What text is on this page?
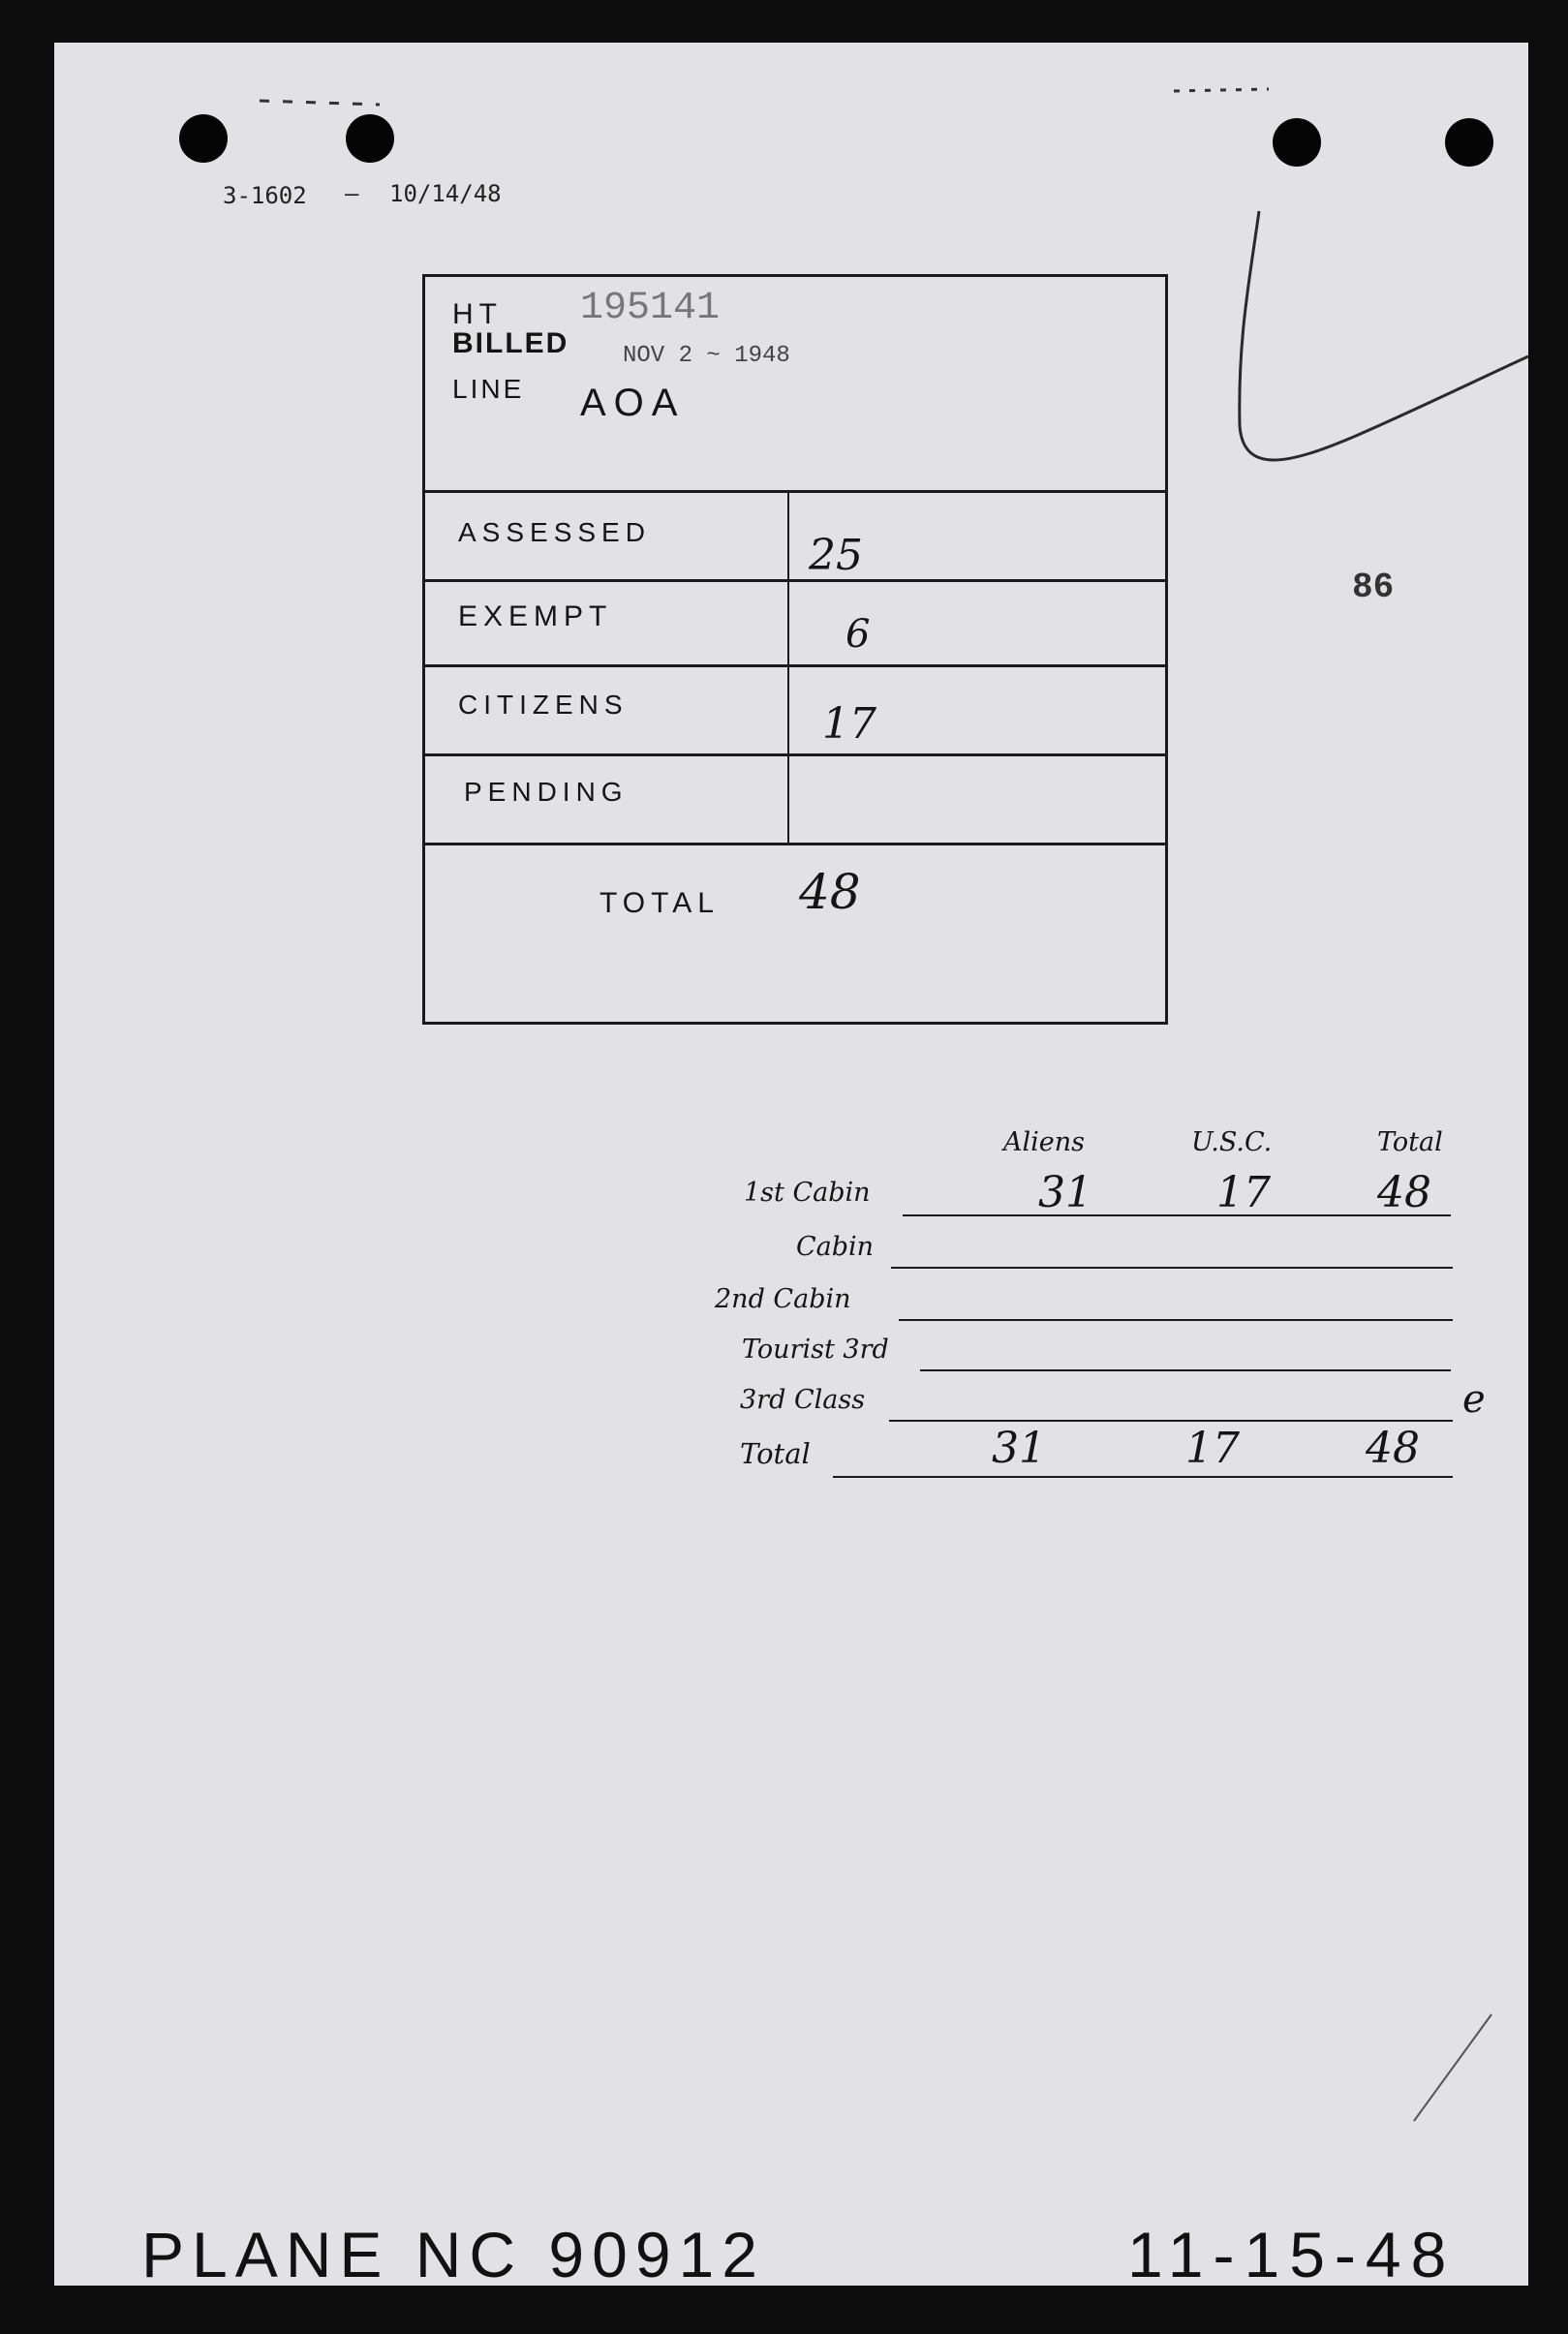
3-1602 — 10/14/48
86
HT 195141
BILLED NOV 2 ~ 1948
LINE AOA
ASSESSED	25
EXEMPT	6
CITIZENS	17
PENDING
TOTAL 48
Aliens	U.S.C.	Total
1st Cabin	31	17	48
Cabin
2nd Cabin
Tourist 3rd
3rd Class	e
Total	31	17	48
PLANE NC 90912	11-15-48
